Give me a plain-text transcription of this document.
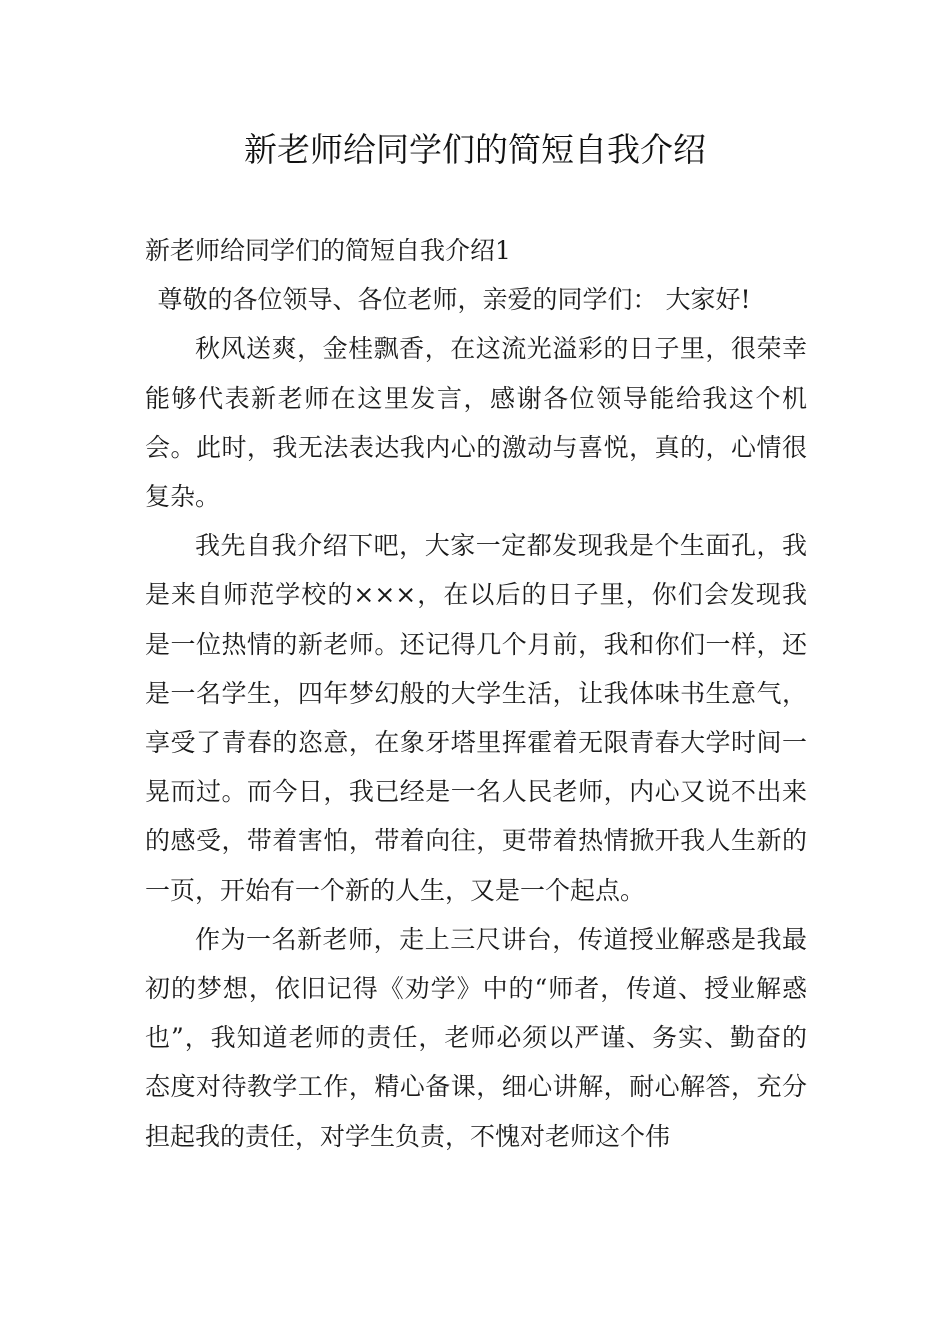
新老师给同学们的简短自我介绍

新老师给同学们的简短自我介绍1

尊敬的各位领导、各位老师，亲爱的同学们： 大家好!

秋风送爽，金桂飘香，在这流光溢彩的日子里，很荣幸能够代表新老师在这里发言，感谢各位领导能给我这个机会。此时，我无法表达我内心的激动与喜悦，真的，心情很复杂。

我先自我介绍下吧，大家一定都发现我是个生面孔，我是来自师范学校的×××，在以后的日子里，你们会发现我是一位热情的新老师。还记得几个月前，我和你们一样，还是一名学生，四年梦幻般的大学生活，让我体味书生意气，享受了青春的恣意，在象牙塔里挥霍着无限青春大学时间一晃而过。而今日，我已经是一名人民老师，内心又说不出来的感受，带着害怕，带着向往，更带着热情掀开我人生新的一页，开始有一个新的人生，又是一个起点。

作为一名新老师，走上三尺讲台，传道授业解惑是我最初的梦想，依旧记得《劝学》中的“师者，传道、授业解惑也”，我知道老师的责任，老师必须以严谨、务实、勤奋的态度对待教学工作，精心备课，细心讲解，耐心解答，充分担起我的责任，对学生负责，不愧对老师这个伟
